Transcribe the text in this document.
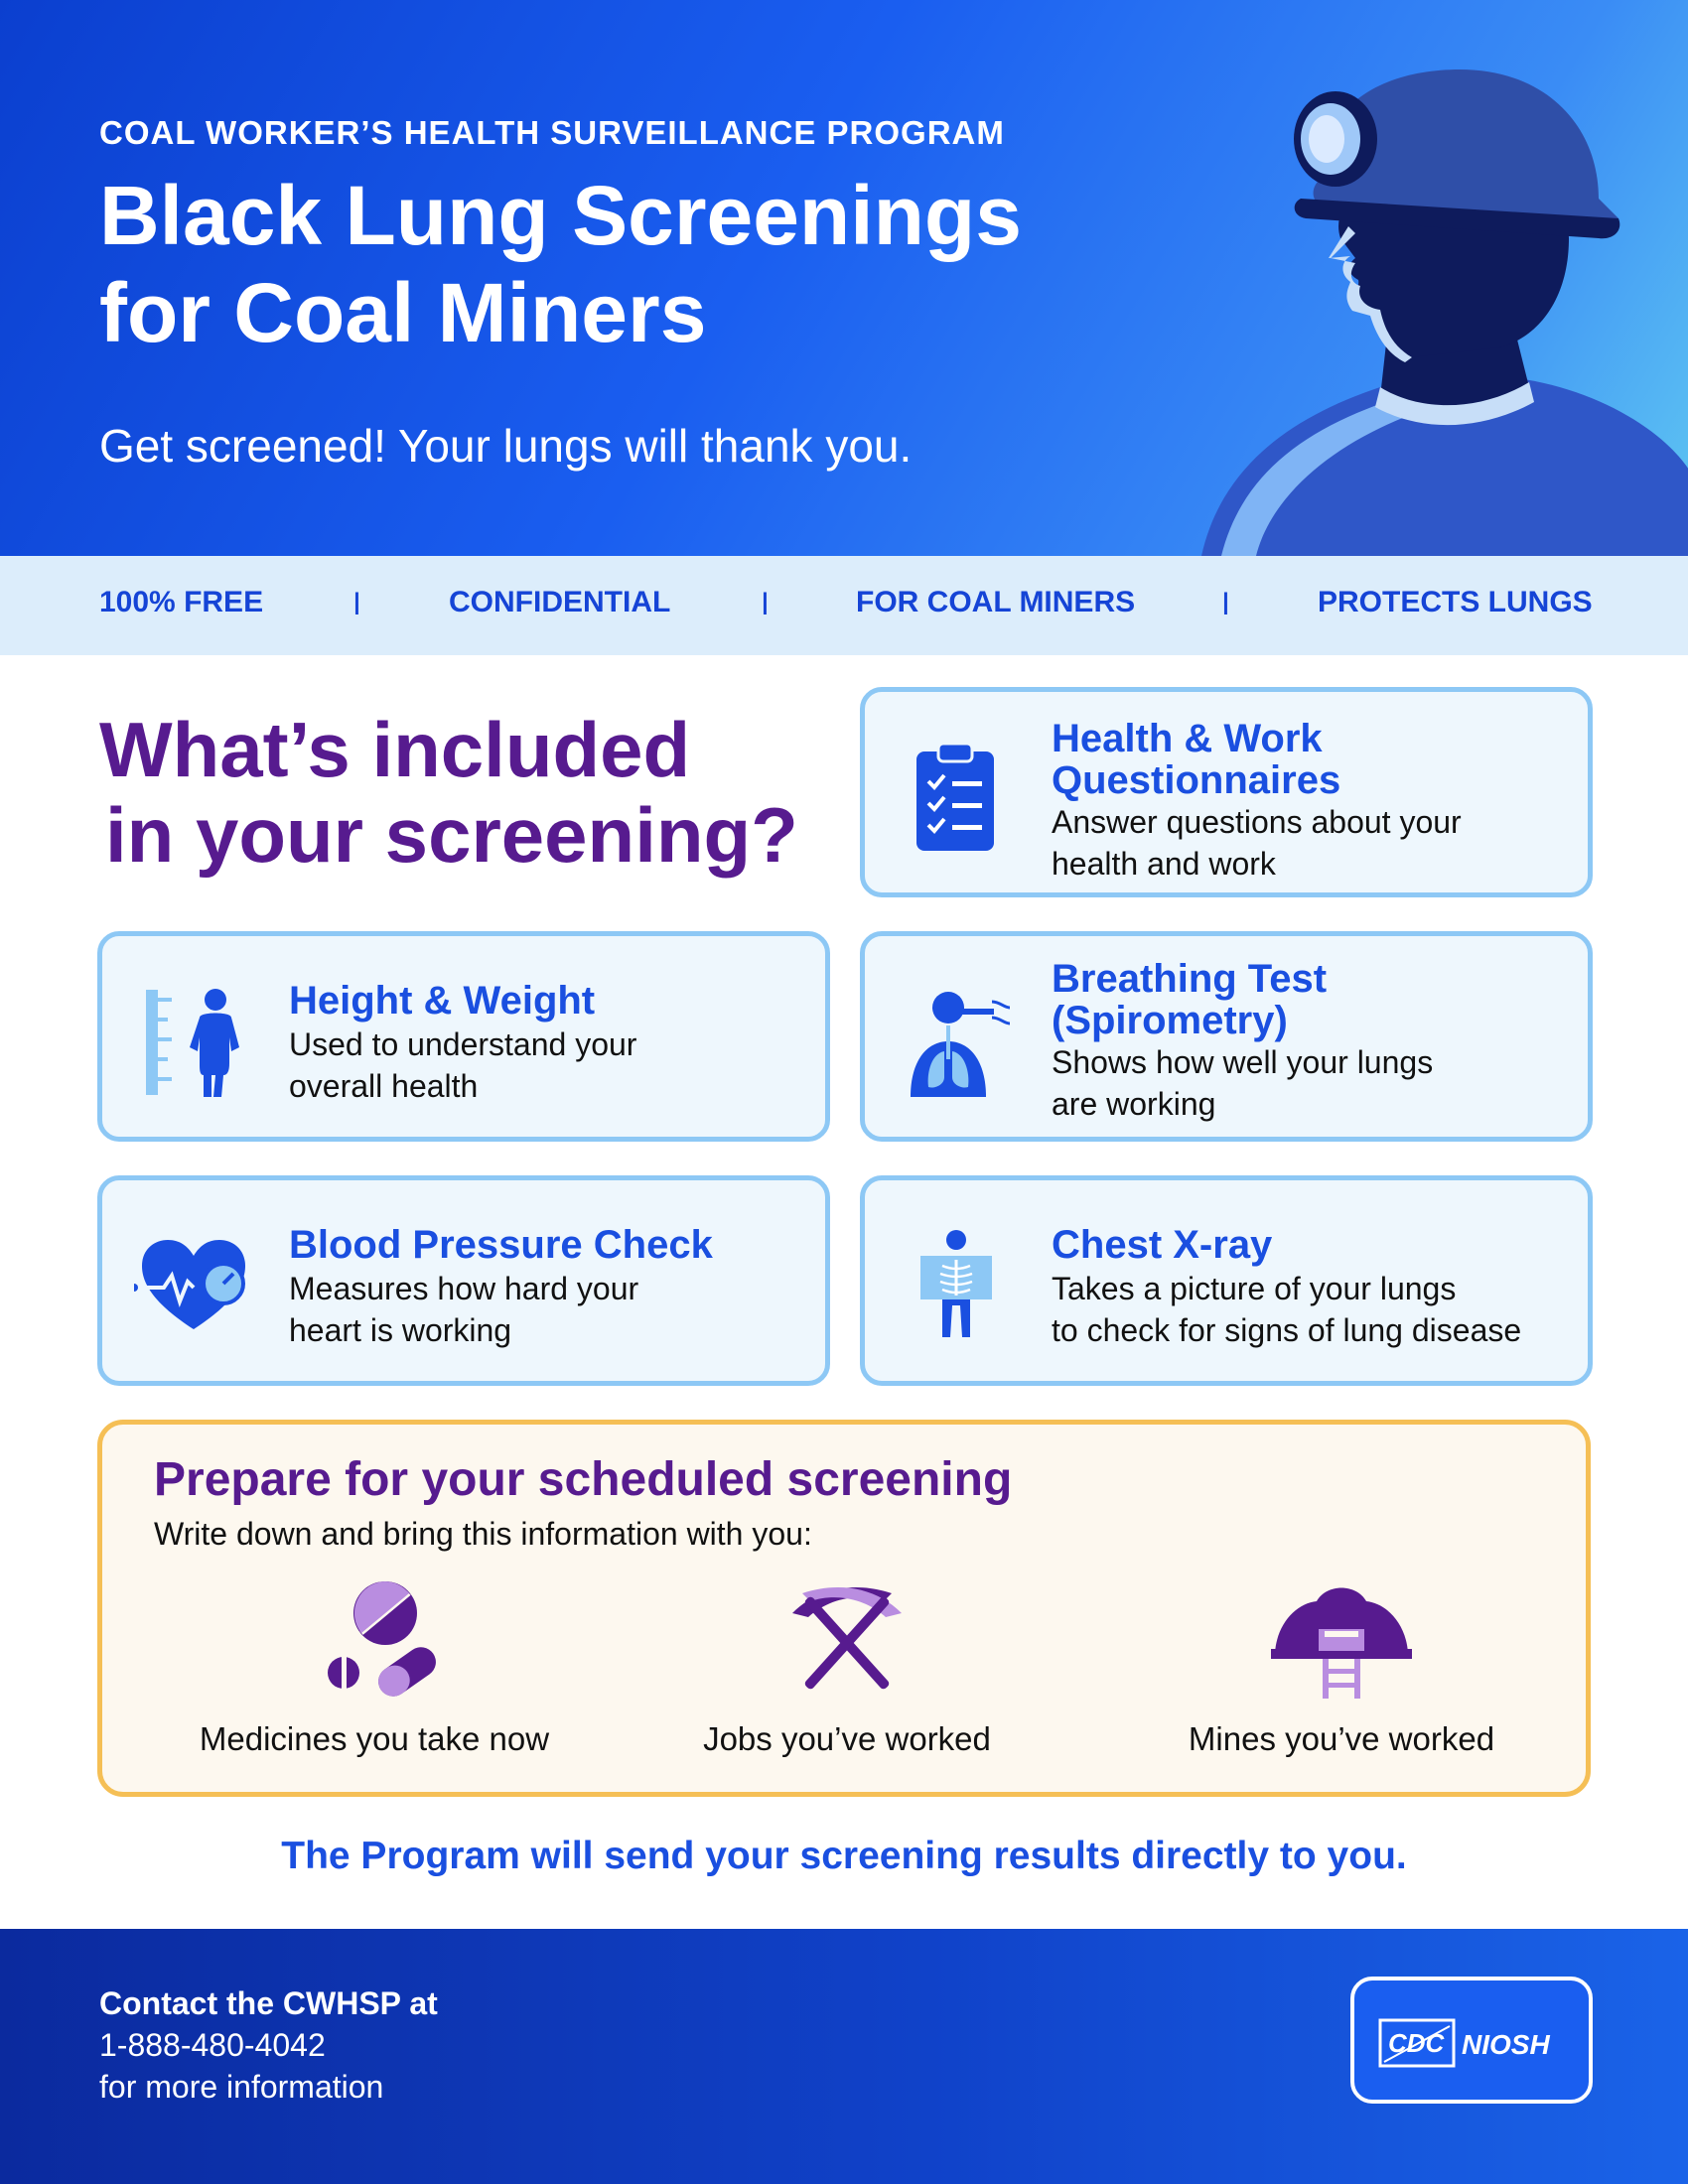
COAL WORKER’S HEALTH SURVEILLANCE PROGRAM
Black Lung Screenings
for Coal Miners
Get screened! Your lungs will thank you.
100% FREE	I	CONFIDENTIAL	I	FOR COAL MINERS	I	PROTECTS LUNGS
What’s included
in your screening?
Health & Work
Questionnaires
Answer questions about your
health and work
Height & Weight
Used to understand your
overall health
Breathing Test
(Spirometry)
Shows how well your lungs
are working
Blood Pressure Check
Measures how hard your
heart is working
Chest X-ray
Takes a picture of your lungs
to check for signs of lung disease
Prepare for your scheduled screening
Write down and bring this information with you:
Medicines you take now	Jobs you’ve worked	Mines you’ve worked
The Program will send your screening results directly to you.
Contact the CWHSP at
1-888-480-4042
for more information
CDC NIOSH
